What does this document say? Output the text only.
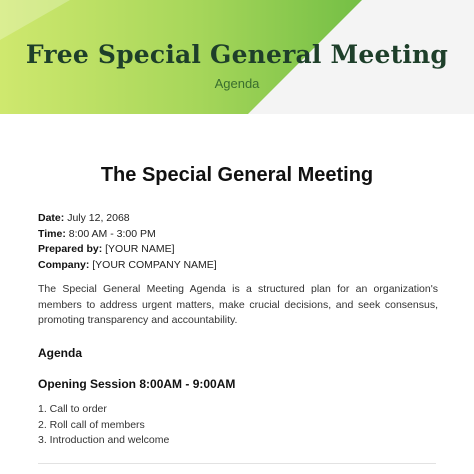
Free Special General Meeting
Agenda
The Special General Meeting
Date: July 12, 2068
Time: 8:00 AM - 3:00 PM
Prepared by: [YOUR NAME]
Company: [YOUR COMPANY NAME]
The Special General Meeting Agenda is a structured plan for an organization's members to address urgent matters, make crucial decisions, and seek consensus, promoting transparency and accountability.
Agenda
Opening Session 8:00AM - 9:00AM
1. Call to order
2. Roll call of members
3. Introduction and welcome
